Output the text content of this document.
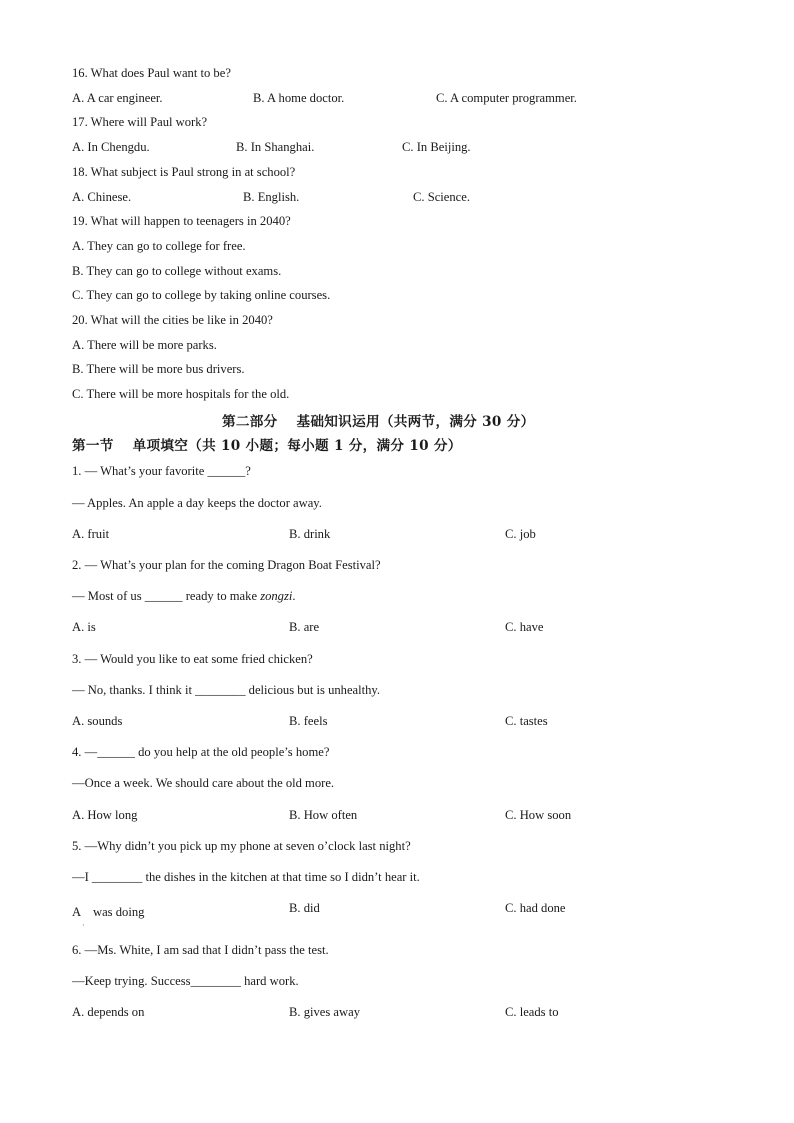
16. What does Paul want to be?
A. A car engineer.	B. A home doctor.	C. A computer programmer.
17. Where will Paul work?
A. In Chengdu.	B. In Shanghai.	C. In Beijing.
18. What subject is Paul strong in at school?
A. Chinese.	B. English.	C. Science.
19. What will happen to teenagers in 2040?
A. They can go to college for free.
B. They can go to college without exams.
C. They can go to college by taking online courses.
20. What will the cities be like in 2040?
A. There will be more parks.
B. There will be more bus drivers.
C. There will be more hospitals for the old.
第二部分　 基础知识运用（共两节，满分 30 分）
第一节　 单项填空（共 10 小题；每小题 1 分，满分 10 分）
1. — What’s your favorite ______?
— Apples. An apple a day keeps the doctor away.
A. fruit	B. drink	C. job
2. — What’s your plan for the coming Dragon Boat Festival?
— Most of us ______ ready to make zongzi.
A. is	B. are	C. have
3. — Would you like to eat some fried chicken?
— No, thanks. I think it ________ delicious but is unhealthy.
A. sounds	B. feels	C. tastes
4. —______ do you help at the old people’s home?
—Once a week. We should care about the old more.
A. How long	B. How often	C. How soon
5. —Why didn’t you pick up my phone at seven o’clock last night?
—I ________ the dishes in the kitchen at that time so I didn’t hear it.
A　was doing
·
B. did	C. had done
6. —Ms. White, I am sad that I didn’t pass the test.
—Keep trying. Success________ hard work.
A. depends on	B. gives away	C. leads to
